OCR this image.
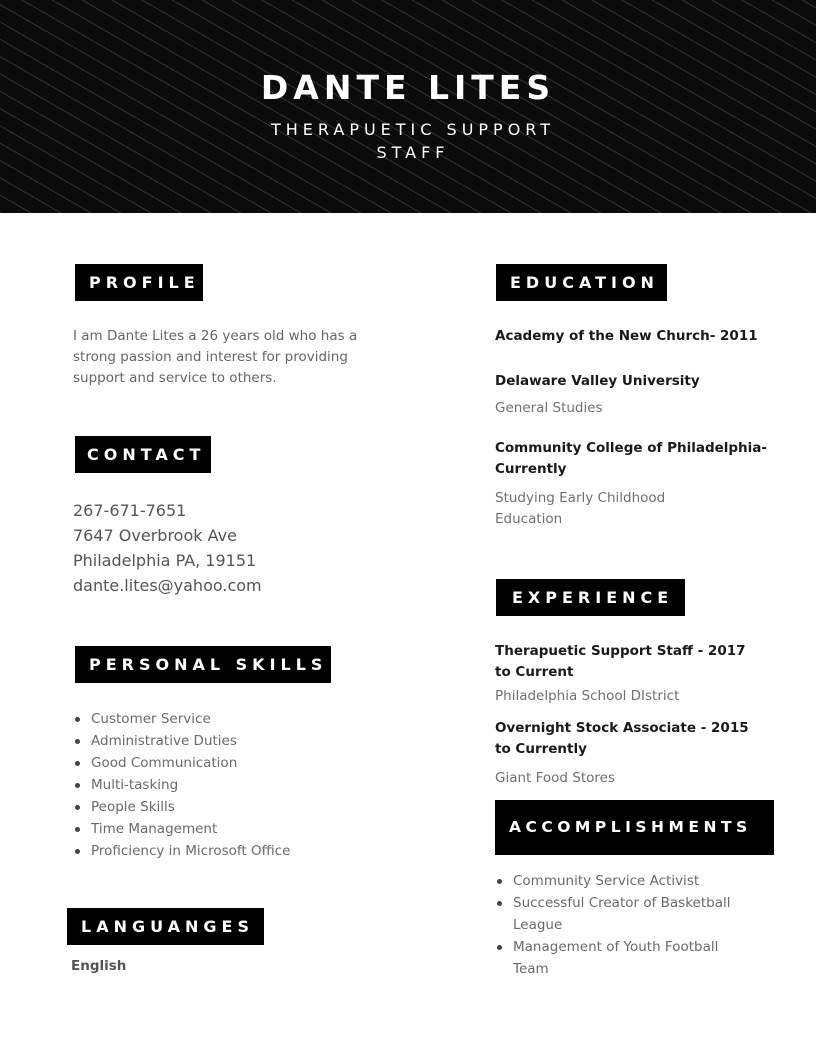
DANTE LITES
THERAPUETIC SUPPORT STAFF
PROFILE
I am Dante Lites a 26 years old who has a strong passion and interest for providing support and service to others.
CONTACT
267-671-7651
7647 Overbrook Ave
Philadelphia PA, 19151
dante.lites@yahoo.com
PERSONAL SKILLS
Customer Service
Administrative Duties
Good Communication
Multi-tasking
People Skills
Time Management
Proficiency in Microsoft Office
LANGUANGES
English
EDUCATION
Academy of the New Church- 2011
Delaware Valley University
General Studies
Community College of Philadelphia- Currently
Studying Early Childhood Education
EXPERIENCE
Therapuetic Support Staff - 2017 to Current
Philadelphia School DIstrict
Overnight Stock Associate - 2015 to Currently
Giant Food Stores
ACCOMPLISHMENTS
Community Service Activist
Successful Creator of Basketball League
Management of Youth Football Team
